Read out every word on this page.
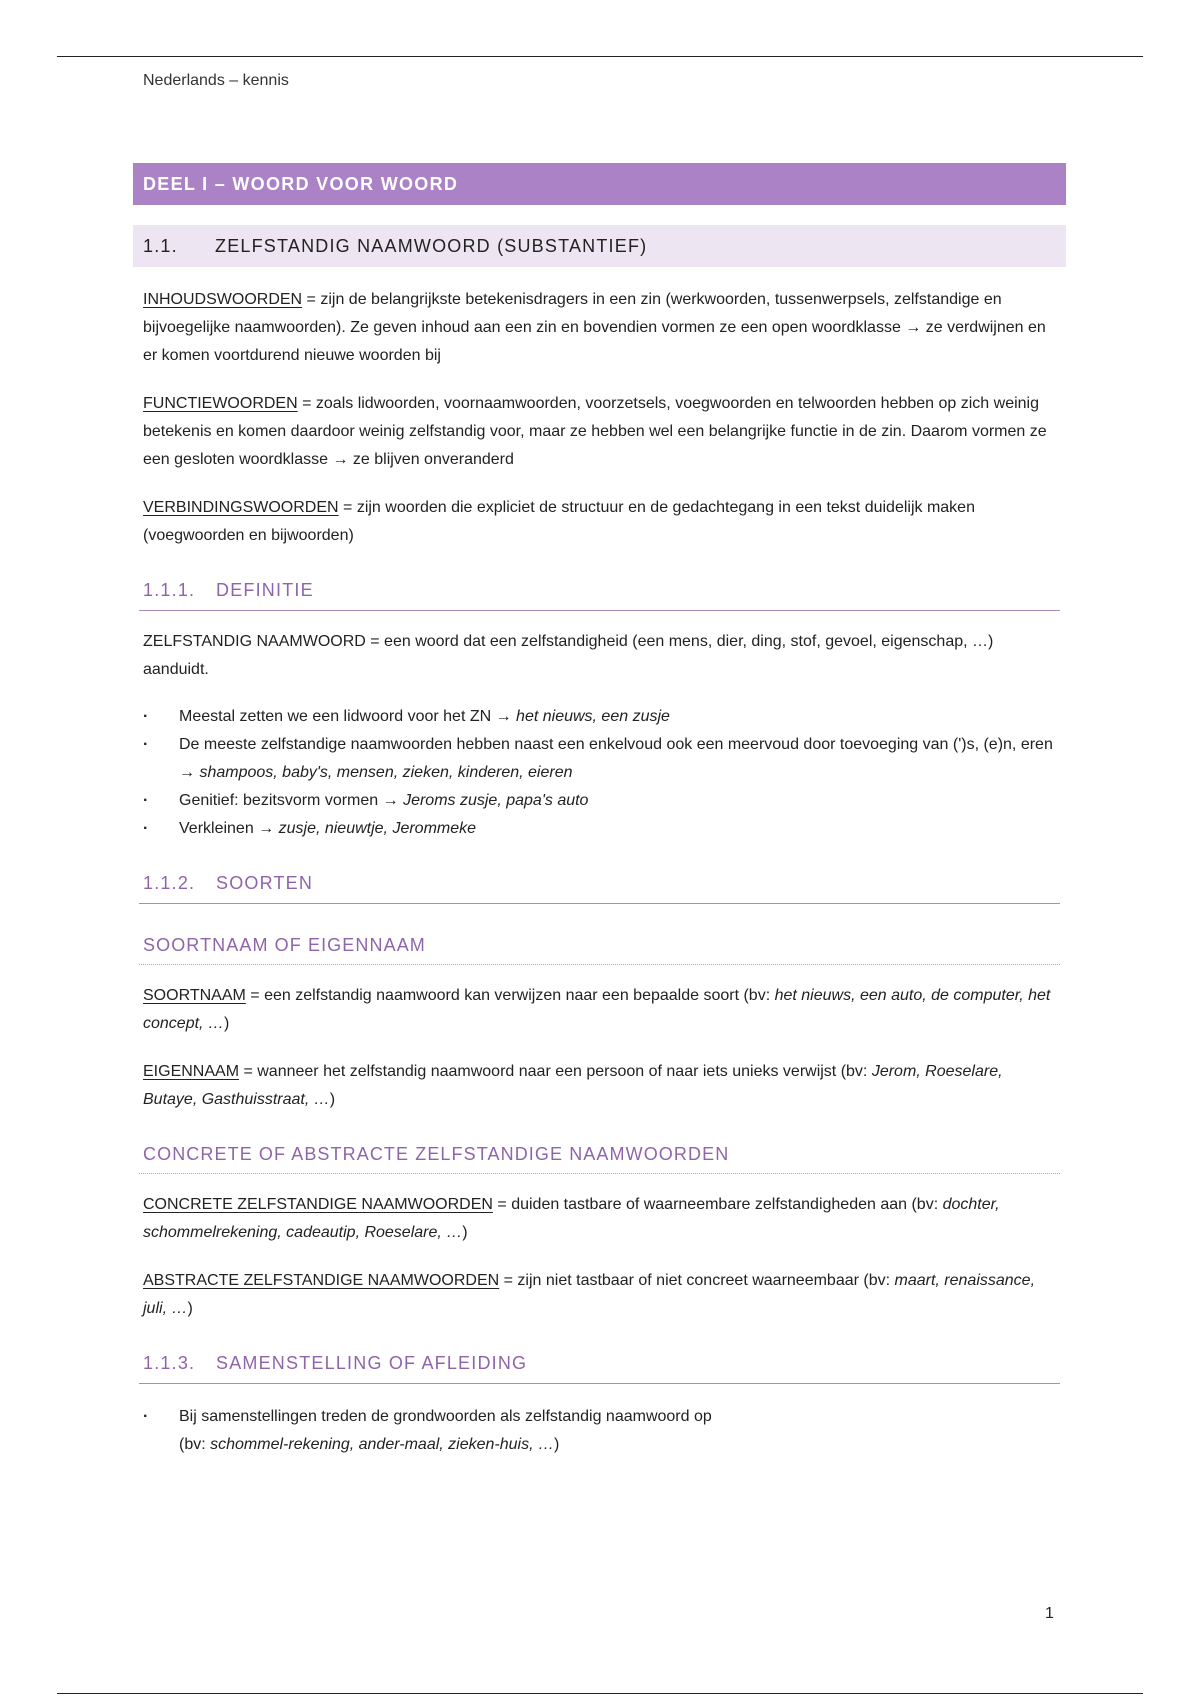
Nederlands – kennis
DEEL I – WOORD VOOR WOORD
1.1. ZELFSTANDIG NAAMWOORD (SUBSTANTIEF)

INHOUDSWOORDEN = zijn de belangrijkste betekenisdragers in een zin (werkwoorden, tussenwerpsels, zelfstandige en bijvoegelijke naamwoorden). Ze geven inhoud aan een zin en bovendien vormen ze een open woordklasse → ze verdwijnen en er komen voortdurend nieuwe woorden bij

FUNCTIEWOORDEN = zoals lidwoorden, voornaamwoorden, voorzetsels, voegwoorden en telwoorden hebben op zich weinig betekenis en komen daardoor weinig zelfstandig voor, maar ze hebben wel een belangrijke functie in de zin. Daarom vormen ze een gesloten woordklasse → ze blijven onveranderd

VERBINDINGSWOORDEN = zijn woorden die expliciet de structuur en de gedachtegang in een tekst duidelijk maken (voegwoorden en bijwoorden)

1.1.1. DEFINITIE

ZELFSTANDIG NAAMWOORD = een woord dat een zelfstandigheid (een mens, dier, ding, stof, gevoel, eigenschap, …) aanduidt.

· Meestal zetten we een lidwoord voor het ZN → het nieuws, een zusje
· De meeste zelfstandige naamwoorden hebben naast een enkelvoud ook een meervoud door toevoeging van (')s, (e)n, eren → shampoos, baby's, mensen, zieken, kinderen, eieren
· Genitief: bezitsvorm vormen → Jeroms zusje, papa's auto
· Verkleinen → zusje, nieuwtje, Jerommeke
1.1.2. SOORTEN
SOORTNAAM OF EIGENNAAM

SOORTNAAM = een zelfstandig naamwoord kan verwijzen naar een bepaalde soort (bv: het nieuws, een auto, de computer, het concept, …)

EIGENNAAM = wanneer het zelfstandig naamwoord naar een persoon of naar iets unieks verwijst (bv: Jerom, Roeselare, Butaye, Gasthuisstraat, …)

CONCRETE OF ABSTRACTE ZELFSTANDIGE NAAMWOORDEN

CONCRETE ZELFSTANDIGE NAAMWOORDEN = duiden tastbare of waarneembare zelfstandigheden aan (bv: dochter, schommelrekening, cadeautip, Roeselare, …)

ABSTRACTE ZELFSTANDIGE NAAMWOORDEN = zijn niet tastbaar of niet concreet waarneembaar (bv: maart, renaissance, juli, …)

1.1.3. SAMENSTELLING OF AFLEIDING
· Bij samenstellingen treden de grondwoorden als zelfstandig naamwoord op
(bv: schommel-rekening, ander-maal, zieken-huis, …)
1
